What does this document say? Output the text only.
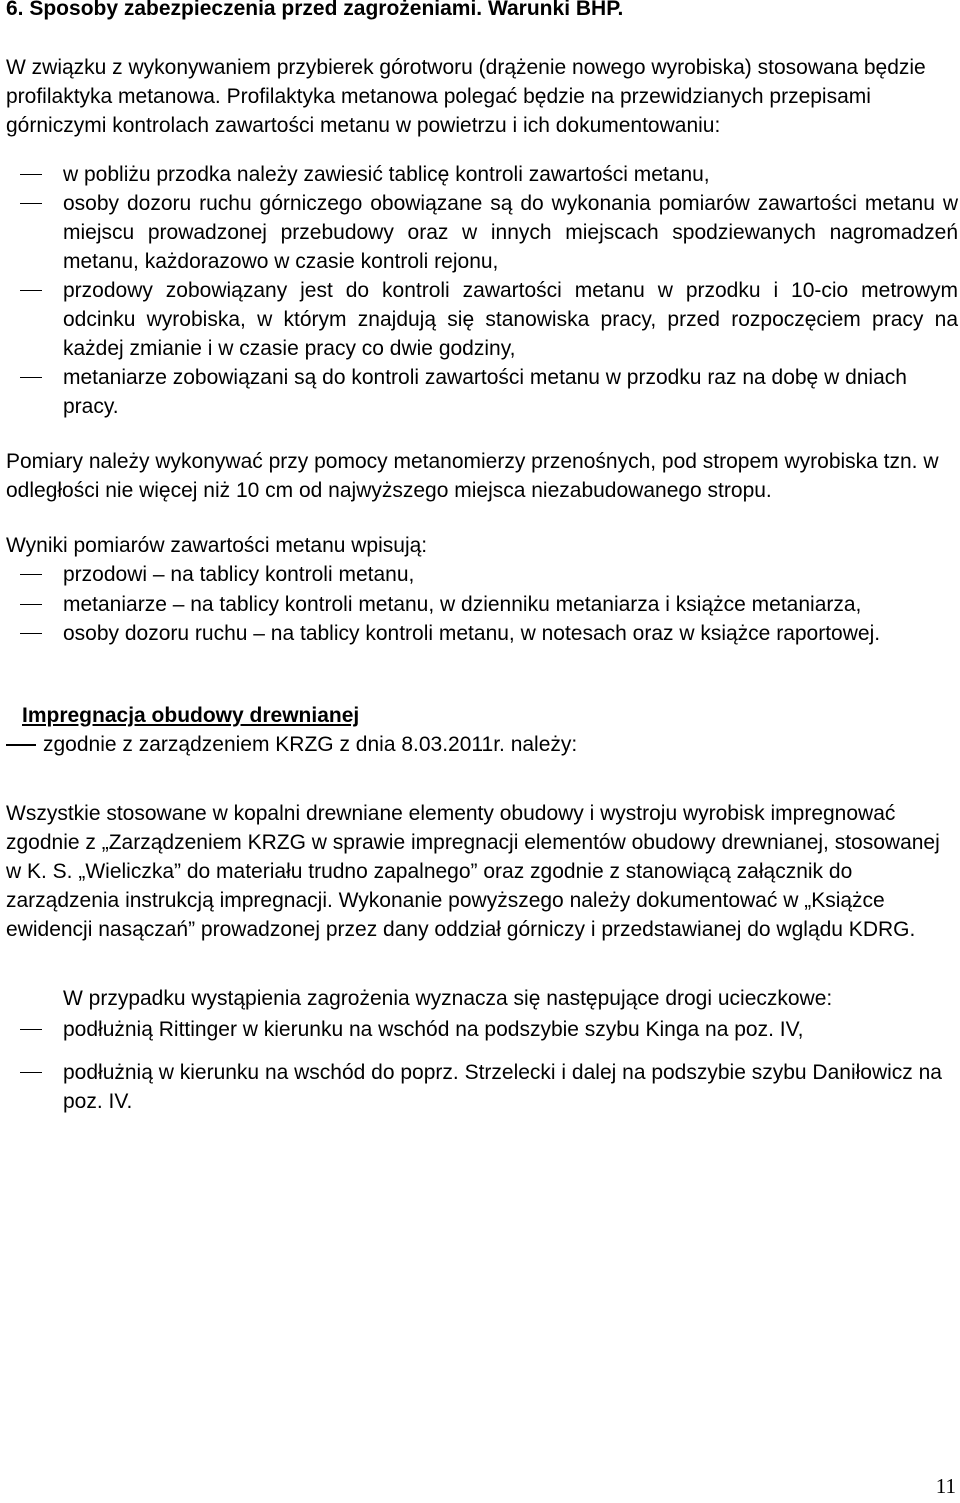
6. Sposoby zabezpieczenia przed zagrożeniami. Warunki BHP.

W związku z wykonywaniem przybierek górotworu (drążenie nowego wyrobiska) stosowana będzie profilaktyka metanowa. Profilaktyka metanowa polegać będzie na przewidzianych przepisami górniczymi kontrolach zawartości metanu w powietrzu i ich dokumentowaniu:

w pobliżu przodka należy zawiesić tablicę kontroli zawartości metanu,
osoby dozoru ruchu górniczego obowiązane są do wykonania pomiarów zawartości metanu w miejscu prowadzonej przebudowy oraz w innych miejscach spodziewanych nagromadzeń metanu, każdorazowo w czasie kontroli rejonu,
przodowy zobowiązany jest do kontroli zawartości metanu w przodku i 10-cio metrowym odcinku wyrobiska, w którym znajdują się stanowiska pracy, przed rozpoczęciem pracy na każdej zmianie i w czasie pracy co dwie godziny,
metaniarze zobowiązani są do kontroli zawartości metanu w przodku raz na dobę w dniach pracy.

Pomiary należy wykonywać przy pomocy metanomierzy przenośnych, pod stropem wyrobiska tzn. w odległości nie więcej niż 10 cm od najwyższego miejsca niezabudowanego stropu.

Wyniki pomiarów zawartości metanu wpisują:

przodowi – na tablicy kontroli metanu,
metaniarze – na tablicy kontroli metanu, w dzienniku metaniarza i książce metaniarza,
osoby dozoru ruchu – na tablicy kontroli metanu, w notesach oraz w książce raportowej.

Impregnacja obudowy drewnianej

zgodnie z zarządzeniem KRZG z dnia 8.03.2011r. należy:

Wszystkie stosowane w kopalni drewniane elementy obudowy i wystroju wyrobisk impregnować zgodnie z „Zarządzeniem KRZG w sprawie impregnacji elementów obudowy drewnianej, stosowanej w K. S. „Wieliczka” do materiału trudno zapalnego” oraz zgodnie z stanowiącą załącznik do zarządzenia instrukcją impregnacji. Wykonanie powyższego należy dokumentować w „Książce ewidencji nasączań” prowadzonej przez dany oddział górniczy i przedstawianej do wglądu KDRG.

W przypadku wystąpienia zagrożenia wyznacza się następujące drogi ucieczkowe:

podłużnią Rittinger w kierunku na wschód na podszybie szybu Kinga na poz. IV,
podłużnią w kierunku na wschód do poprz. Strzelecki i dalej na podszybie szybu Daniłowicz na poz. IV.
11
